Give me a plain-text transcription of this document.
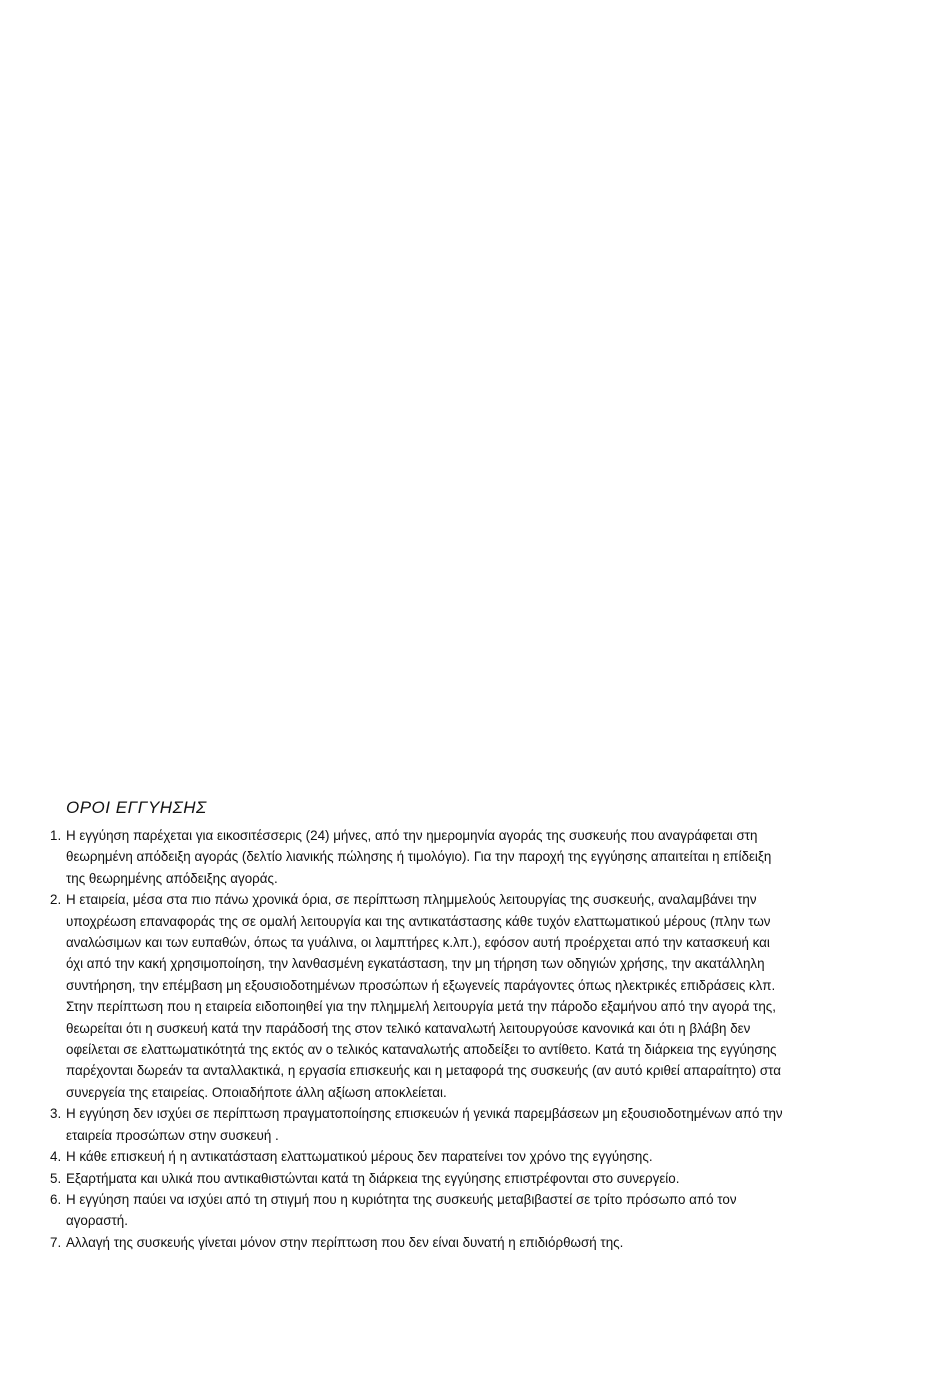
ΟΡΟΙ ΕΓΓΥΗΣΗΣ
1. Η εγγύηση παρέχεται για εικοσιτέσσερις (24) μήνες, από την ημερομηνία αγοράς της συσκευής που αναγράφεται στη θεωρημένη απόδειξη αγοράς (δελτίο λιανικής πώλησης ή τιμολόγιο). Για την παροχή της εγγύησης απαιτείται η επίδειξη της θεωρημένης απόδειξης αγοράς.
2. Η εταιρεία, μέσα στα πιο πάνω χρονικά όρια, σε περίπτωση πλημμελούς λειτουργίας της συσκευής, αναλαμβάνει την υποχρέωση επαναφοράς της σε ομαλή λειτουργία και της αντικατάστασης κάθε τυχόν ελαττωματικού μέρους (πλην των αναλώσιμων και των ευπαθών, όπως τα γυάλινα, οι λαμπτήρες κ.λπ.), εφόσον αυτή προέρχεται από την κατασκευή και όχι από την κακή χρησιμοποίηση, την λανθασμένη εγκατάσταση, την μη τήρηση των οδηγιών χρήσης, την ακατάλληλη συντήρηση, την επέμβαση μη εξουσιοδοτημένων προσώπων ή εξωγενείς παράγοντες όπως ηλεκτρικές επιδράσεις κλπ. Στην περίπτωση που η εταιρεία ειδοποιηθεί για την πλημμελή λειτουργία μετά την πάροδο εξαμήνου από την αγορά της, θεωρείται ότι η συσκευή κατά την παράδοσή της στον τελικό καταναλωτή λειτουργούσε κανονικά και ότι η βλάβη δεν οφείλεται σε ελαττωματικότητά της εκτός αν ο τελικός καταναλωτής αποδείξει το αντίθετο. Κατά τη διάρκεια της εγγύησης παρέχονται δωρεάν τα ανταλλακτικά, η εργασία επισκευής και η μεταφορά της συσκευής (αν αυτό κριθεί απαραίτητο) στα συνεργεία της εταιρείας. Οποιαδήποτε άλλη αξίωση αποκλείεται.
3. Η εγγύηση δεν ισχύει σε περίπτωση πραγματοποίησης επισκευών ή γενικά παρεμβάσεων μη εξουσιοδοτημένων από την εταιρεία προσώπων στην συσκευή .
4. Η κάθε επισκευή ή η αντικατάσταση ελαττωματικού μέρους δεν παρατείνει τον χρόνο της εγγύησης.
5. Εξαρτήματα και υλικά που αντικαθιστώνται κατά τη διάρκεια της εγγύησης επιστρέφονται στο συνεργείο.
6. Η εγγύηση παύει να ισχύει από τη στιγμή που η κυριότητα της συσκευής μεταβιβαστεί σε τρίτο πρόσωπο από τον αγοραστή.
7. Αλλαγή της συσκευής γίνεται μόνον στην περίπτωση που δεν είναι δυνατή η επιδιόρθωσή της.
